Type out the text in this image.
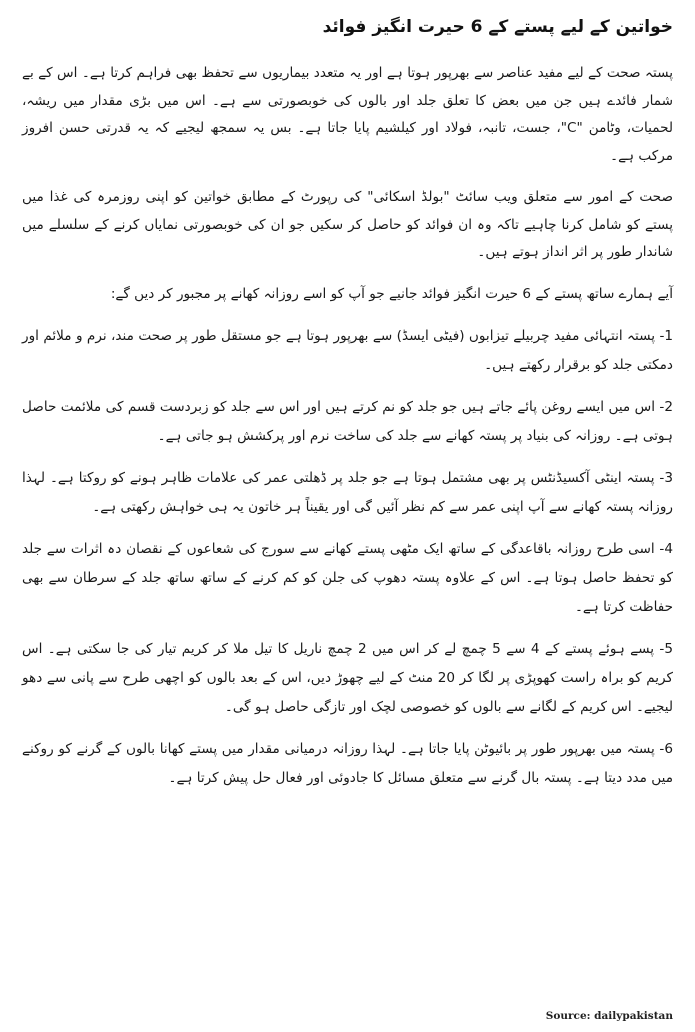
خواتین کے لیے پستے کے 6 حیرت انگیز فوائد

پستہ صحت کے لیے مفید عناصر سے بھرپور ہوتا ہے اور یہ متعدد بیماریوں سے تحفظ بھی فراہم کرتا ہے۔ اس کے بے شمار فائدے ہیں جن میں بعض کا تعلق جلد اور بالوں کی خوبصورتی سے ہے۔ اس میں بڑی مقدار میں ریشہ، لحمیات، وٹامن "C"، جست، تانبہ، فولاد اور کیلشیم پایا جاتا ہے۔ بس یہ سمجھ لیجیے کہ یہ قدرتی حسن افروز مرکب ہے۔

صحت کے امور سے متعلق ویب سائٹ "بولڈ اسکائی" کی رپورٹ کے مطابق خواتین کو اپنی روزمرہ کی غذا میں پستے کو شامل کرنا چاہیے تاکہ وہ ان فوائد کو حاصل کر سکیں جو ان کی خوبصورتی نمایاں کرنے کے سلسلے میں شاندار طور پر اثر انداز ہوتے ہیں۔

آیے ہمارے ساتھ پستے کے 6 حیرت انگیز فوائد جانیے جو آپ کو اسے روزانہ کھانے پر مجبور کر دیں گے:

1- پستہ انتہائی مفید چربیلے تیزابوں (فیٹی ایسڈ) سے بھرپور ہوتا ہے جو مستقل طور پر صحت مند، نرم و ملائم اور دمکتی جلد کو برقرار رکھتے ہیں۔

2- اس میں ایسے روغن پائے جاتے ہیں جو جلد کو نم کرتے ہیں اور اس سے جلد کو زبردست قسم کی ملائمت حاصل ہوتی ہے۔ روزانہ کی بنیاد پر پستہ کھانے سے جلد کی ساخت نرم اور پرکشش ہو جاتی ہے۔

3- پستہ اینٹی آکسیڈنٹس پر بھی مشتمل ہوتا ہے جو جلد پر ڈھلتی عمر کی علامات ظاہر ہونے کو روکتا ہے۔ لہذا روزانہ پستہ کھانے سے آپ اپنی عمر سے کم نظر آئیں گی اور یقیناً ہر خاتون یہ ہی خواہش رکھتی ہے۔

4- اسی طرح روزانہ باقاعدگی کے ساتھ ایک مٹھی پستے کھانے سے سورج کی شعاعوں کے نقصان دہ اثرات سے جلد کو تحفظ حاصل ہوتا ہے۔ اس کے علاوہ پستہ دھوپ کی جلن کو کم کرنے کے ساتھ ساتھ جلد کے سرطان سے بھی حفاظت کرتا ہے۔

5- پسے ہوئے پستے کے 4 سے 5 چمچ لے کر اس میں 2 چمچ ناریل کا تیل ملا کر کریم تیار کی جا سکتی ہے۔ اس کریم کو براہ راست کھوپڑی پر لگا کر 20 منٹ کے لیے چھوڑ دیں، اس کے بعد بالوں کو اچھی طرح سے پانی سے دھو لیجیے۔ اس کریم کے لگانے سے بالوں کو خصوصی لچک اور تازگی حاصل ہو گی۔

6- پستہ میں بھرپور طور پر بائیوٹن پایا جاتا ہے۔ لہذا روزانہ درمیانی مقدار میں پستے کھانا بالوں کے گرنے کو روکنے میں مدد دیتا ہے۔ پستہ بال گرنے سے متعلق مسائل کا جادوئی اور فعال حل پیش کرتا ہے۔

Source: dailypakistan
